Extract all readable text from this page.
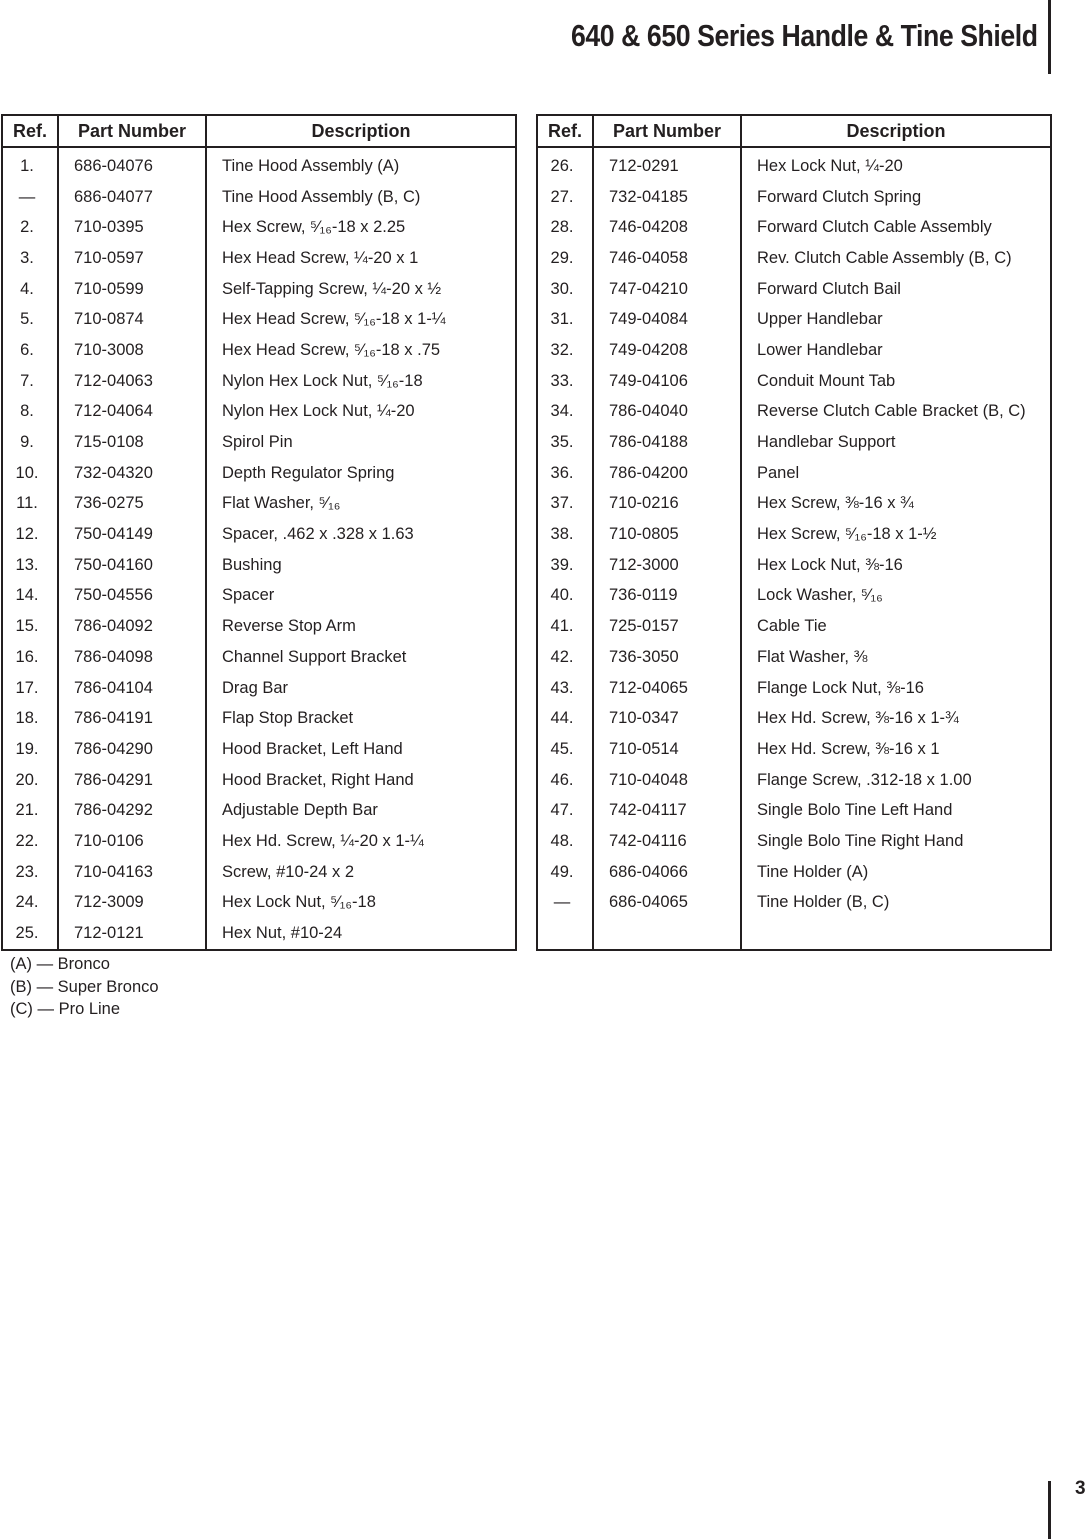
640 & 650 Series Handle & Tine Shield
Ref.	Part Number	Description
1.	686-04076	Tine Hood Assembly (A)
—	686-04077	Tine Hood Assembly (B, C)
2.	710-0395	Hex Screw, ⁵⁄₁₆-18 x 2.25
3.	710-0597	Hex Head Screw, ¼-20 x 1
4.	710-0599	Self-Tapping Screw, ¼-20 x ½
5.	710-0874	Hex Head Screw, ⁵⁄₁₆-18 x 1-¼
6.	710-3008	Hex Head Screw, ⁵⁄₁₆-18 x .75
7.	712-04063	Nylon Hex Lock Nut, ⁵⁄₁₆-18
8.	712-04064	Nylon Hex Lock Nut, ¼-20
9.	715-0108	Spirol Pin
10.	732-04320	Depth Regulator Spring
11.	736-0275	Flat Washer, ⁵⁄₁₆
12.	750-04149	Spacer, .462 x .328 x 1.63
13.	750-04160	Bushing
14.	750-04556	Spacer
15.	786-04092	Reverse Stop Arm
16.	786-04098	Channel Support Bracket
17.	786-04104	Drag Bar
18.	786-04191	Flap Stop Bracket
19.	786-04290	Hood Bracket, Left Hand
20.	786-04291	Hood Bracket, Right Hand
21.	786-04292	Adjustable Depth Bar
22.	710-0106	Hex Hd. Screw, ¼-20 x 1-¼
23.	710-04163	Screw, #10-24 x 2
24.	712-3009	Hex Lock Nut, ⁵⁄₁₆-18
25.	712-0121	Hex Nut, #10-24
Ref.	Part Number	Description
26.	712-0291	Hex Lock Nut, ¼-20
27.	732-04185	Forward Clutch Spring
28.	746-04208	Forward Clutch Cable Assembly
29.	746-04058	Rev. Clutch Cable Assembly (B, C)
30.	747-04210	Forward Clutch Bail
31.	749-04084	Upper Handlebar
32.	749-04208	Lower Handlebar
33.	749-04106	Conduit Mount Tab
34.	786-04040	Reverse Clutch Cable Bracket (B, C)
35.	786-04188	Handlebar Support
36.	786-04200	Panel
37.	710-0216	Hex Screw, ⅜-16 x ¾
38.	710-0805	Hex Screw, ⁵⁄₁₆-18 x 1-½
39.	712-3000	Hex Lock Nut, ⅜-16
40.	736-0119	Lock Washer, ⁵⁄₁₆
41.	725-0157	Cable Tie
42.	736-3050	Flat Washer, ⅜
43.	712-04065	Flange Lock Nut, ⅜-16
44.	710-0347	Hex Hd. Screw, ⅜-16 x 1-¾
45.	710-0514	Hex Hd. Screw, ⅜-16 x 1
46.	710-04048	Flange Screw, .312-18 x 1.00
47.	742-04117	Single Bolo Tine Left Hand
48.	742-04116	Single Bolo Tine Right Hand
49.	686-04066	Tine Holder (A)
—	686-04065	Tine Holder (B, C)

(A) — Bronco
(B) — Super Bronco
(C) — Pro Line
3
